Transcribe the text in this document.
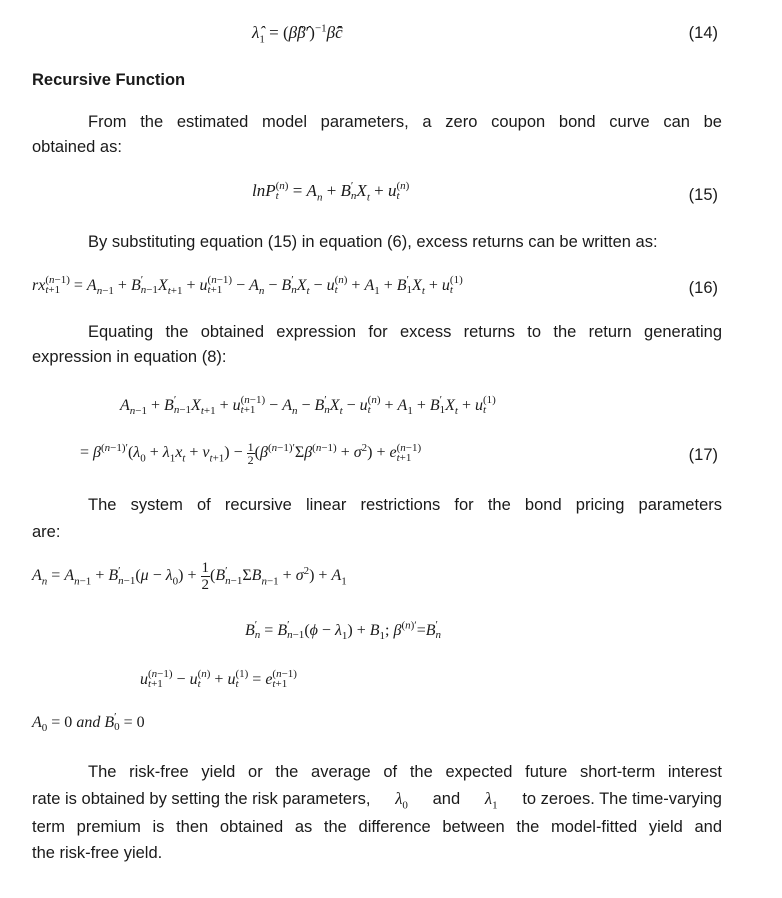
$\lambdâ_1$ = (β̂β̂′)$^{-1}$β̂ĉ	(14)
Recursive Function
From the estimated model parameters, a zero coupon bond curve can be
obtained as:
lnP (n)
$t = A_n + B$ ′
n $X_t + u$ (n)
t	(15)
By substituting equation (15) in equation (6), excess returns can be written as:
rx (n−1)
$t+1 = A_{n-1} + B$ ′
n−1 $X_{t+1} + u$ (n−1)
$t+1 - A_n - B$ ′
n $X_t - u$ (n)
$t + A_1 + B$ ′
1 $X_t + u$ (1)
t	(16)
Equating the obtained expression for excess returns to the return generating
expression in equation (8):
$A_{n-1} + B$ ′
n−1 $X_{t+1} + u$ (n−1)
$t+1 - A_n - B$ ′
n $X_t - u$ (n)
$t + A_1 + B$ ′
1 $X_t + u$ (1)
t
= $\beta^{(n-1)'}(\lambda_0 + \lambda_1x_t + v_{t+1}) - \frac{1}{2} (\beta^{(n-1)'}\Sigma\beta^{(n-1)} + \sigma^2) + e$ (n−1)
t+1	(17)
The system of recursive linear restrictions for the bond pricing parameters
are:
$A_n = A_{n-1} + B$ ′
n−1 $(\mu - \lambda_0) + \frac{1}{2} (B$ ′
n−1 $\Sigma B_{n-1} + \sigma^2) + A_1$
B ′
n = B ′
n−1 $(\phi - \lambda_1) + B_1$; $\beta^{(n)'}=B$ ′
n
u (n−1)
t+1 − u (n)
t + u (1)
t = e (n−1)
t+1
$A_0 = 0$ and B ′
0 = 0
The risk-free yield or the average of the expected future short-term interest
rate is obtained by setting the risk parameters, $\lambda_0$ and $\lambda_1$ to zeroes. The time-varying
term premium is then obtained as the difference between the model-fitted yield and
the risk-free yield.
